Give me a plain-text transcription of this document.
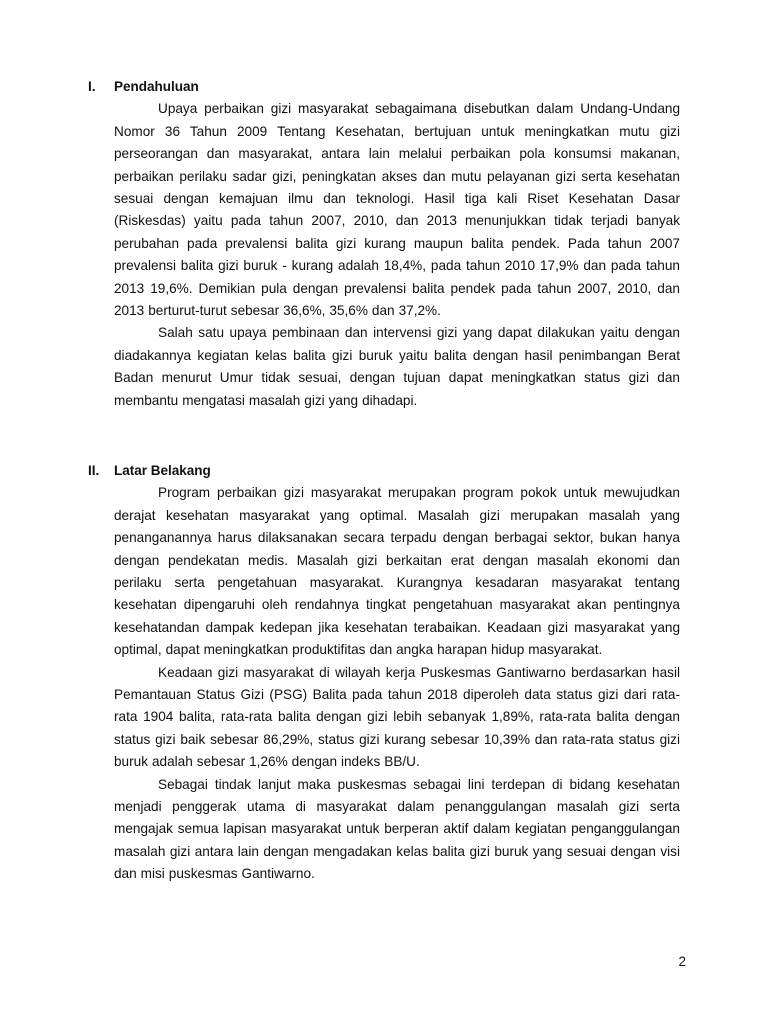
I.	Pendahuluan

Upaya perbaikan gizi masyarakat sebagaimana disebutkan dalam Undang-Undang Nomor 36 Tahun 2009 Tentang Kesehatan, bertujuan untuk meningkatkan mutu gizi perseorangan dan masyarakat, antara lain melalui perbaikan pola konsumsi makanan, perbaikan perilaku sadar gizi, peningkatan akses dan mutu pelayanan gizi serta kesehatan sesuai dengan kemajuan ilmu dan teknologi. Hasil tiga kali Riset Kesehatan Dasar (Riskesdas) yaitu pada tahun 2007, 2010, dan 2013 menunjukkan tidak terjadi banyak perubahan pada prevalensi balita gizi kurang maupun balita pendek. Pada tahun 2007 prevalensi balita gizi buruk - kurang adalah 18,4%, pada tahun 2010 17,9% dan pada tahun 2013 19,6%. Demikian pula dengan prevalensi balita pendek pada tahun 2007, 2010, dan 2013 berturut-turut sebesar 36,6%, 35,6% dan 37,2%.

Salah satu upaya pembinaan dan intervensi gizi yang dapat dilakukan yaitu dengan diadakannya kegiatan kelas balita gizi buruk yaitu balita dengan hasil penimbangan Berat Badan menurut Umur tidak sesuai, dengan tujuan dapat meningkatkan status gizi dan membantu mengatasi masalah gizi yang dihadapi.

II.	Latar Belakang

Program perbaikan gizi masyarakat merupakan program pokok untuk mewujudkan derajat kesehatan masyarakat yang optimal. Masalah gizi merupakan masalah yang penanganannya harus dilaksanakan secara terpadu dengan berbagai sektor, bukan hanya dengan pendekatan medis. Masalah gizi berkaitan erat dengan masalah ekonomi dan perilaku serta pengetahuan masyarakat. Kurangnya kesadaran masyarakat tentang kesehatan dipengaruhi oleh rendahnya tingkat pengetahuan masyarakat akan pentingnya kesehatandan dampak kedepan jika kesehatan terabaikan. Keadaan gizi masyarakat yang optimal, dapat meningkatkan produktifitas dan angka harapan hidup masyarakat.

Keadaan gizi masyarakat di wilayah kerja Puskesmas Gantiwarno berdasarkan hasil Pemantauan Status Gizi (PSG) Balita pada tahun 2018 diperoleh data status gizi dari rata-rata 1904 balita, rata-rata balita dengan gizi lebih sebanyak 1,89%, rata-rata balita dengan status gizi baik sebesar 86,29%, status gizi kurang sebesar 10,39% dan rata-rata status gizi buruk adalah sebesar 1,26% dengan indeks BB/U.

Sebagai tindak lanjut maka puskesmas sebagai lini terdepan di bidang kesehatan menjadi penggerak utama di masyarakat dalam penanggulangan masalah gizi serta mengajak semua lapisan masyarakat untuk berperan aktif dalam kegiatan penganggulangan masalah gizi antara lain dengan mengadakan kelas balita gizi buruk yang sesuai dengan visi dan misi puskesmas Gantiwarno.

2
